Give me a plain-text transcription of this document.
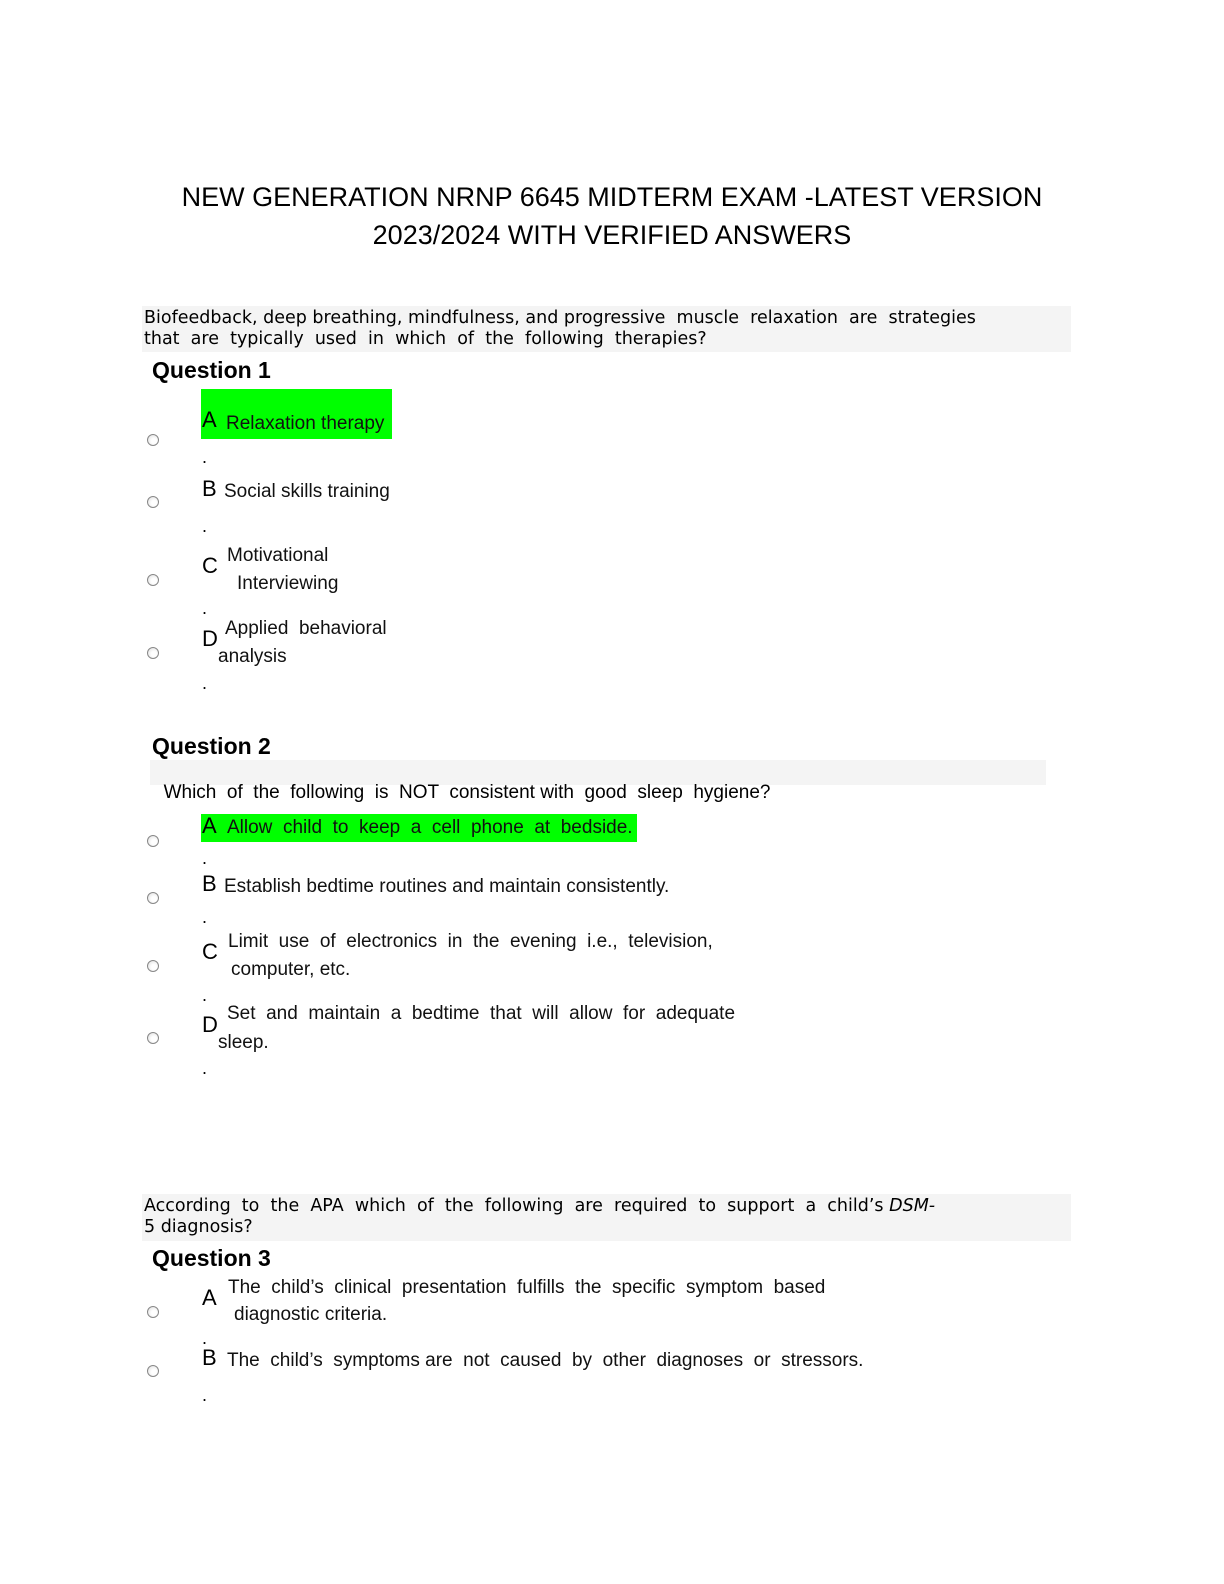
NEW GENERATION NRNP 6645 MIDTERM EXAM -LATEST VERSION
2023/2024 WITH VERIFIED ANSWERS
Biofeedback, deep breathing, mindfulness, and progressive  muscle  relaxation  are  strategies
that  are  typically  used  in  which  of  the  following  therapies?
Question 1
A Relaxation therapy
.
B Social skills training
.
C Motivational
Interviewing
.
D Applied  behavioral
analysis
.
Question 2

Which  of  the  following  is  NOT  consistent with  good  sleep  hygiene?

A Allow  child  to  keep  a  cell  phone  at  bedside.
.
B Establish bedtime routines and maintain consistently.
.
C Limit  use  of  electronics  in  the  evening  i.e.,  television,
computer, etc.
.
D Set  and  maintain  a  bedtime  that  will  allow  for  adequate
sleep.
.
According  to  the  APA  which  of  the  following  are  required  to  support  a  child’s DSM-
5 diagnosis?
Question 3
A The  child’s  clinical  presentation  fulfills  the  specific  symptom  based
diagnostic criteria.
.
B The  child’s  symptoms are  not  caused  by  other  diagnoses  or  stressors.
.
